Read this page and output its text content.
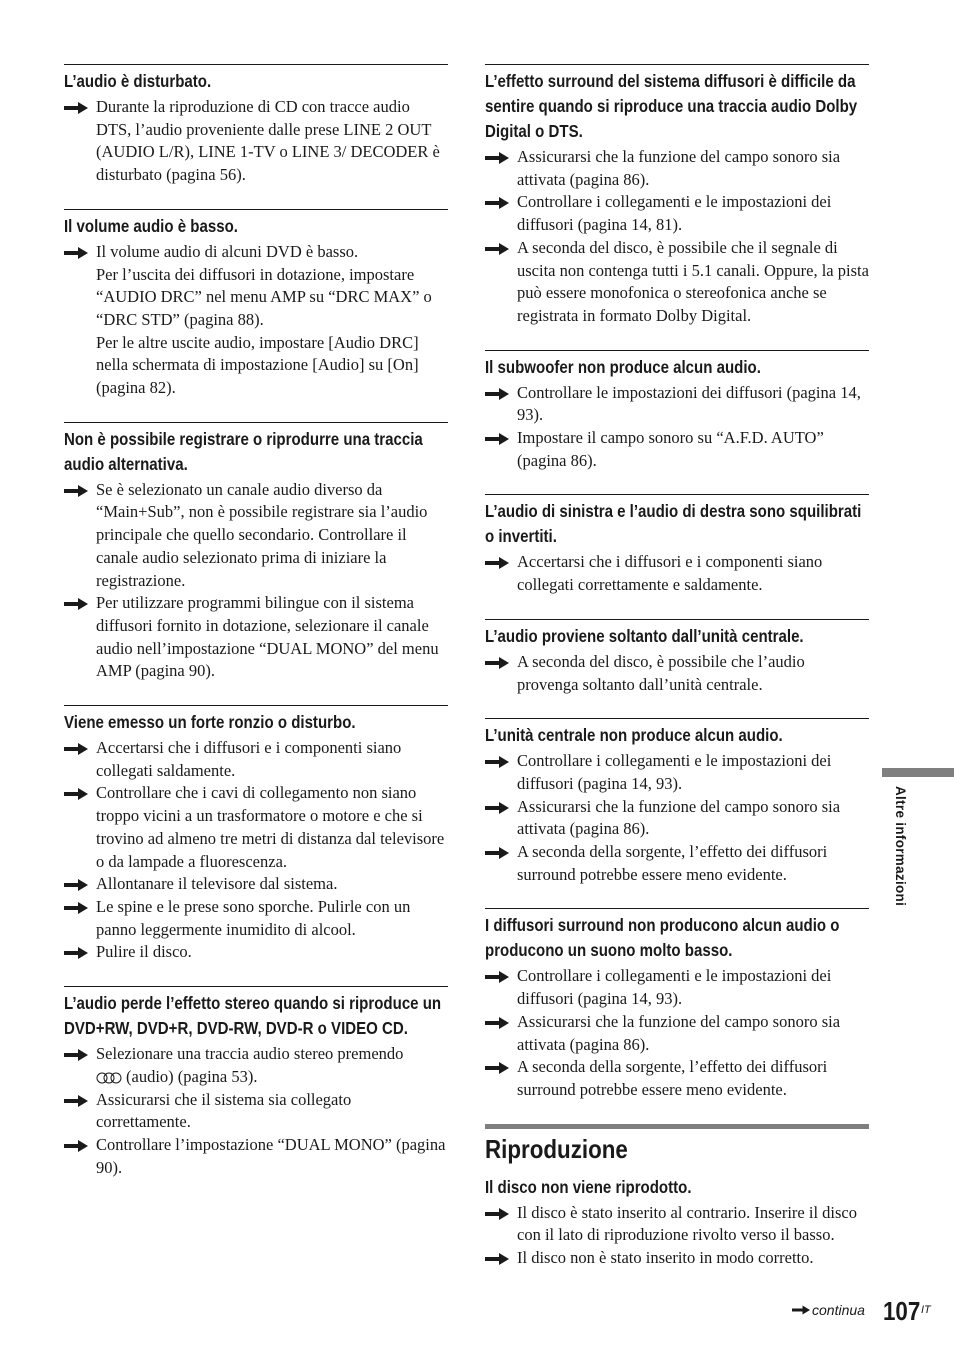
L’audio è disturbato.

Durante la riproduzione di CD con tracce audio DTS, l’audio proveniente dalle prese LINE 2 OUT (AUDIO L/R), LINE 1-TV o LINE 3/ DECODER è disturbato (pagina 56).

Il volume audio è basso.

Il volume audio di alcuni DVD è basso.
Per l’uscita dei diffusori in dotazione, impostare “AUDIO DRC” nel menu AMP su “DRC MAX” o “DRC STD” (pagina 88).
Per le altre uscite audio, impostare [Audio DRC] nella schermata di impostazione [Audio] su [On] (pagina 82).

Non è possibile registrare o riprodurre una traccia audio alternativa.

Se è selezionato un canale audio diverso da “Main+Sub”, non è possibile registrare sia l’audio principale che quello secondario. Controllare il canale audio selezionato prima di iniziare la registrazione.

Per utilizzare programmi bilingue con il sistema diffusori fornito in dotazione, selezionare il canale audio nell’impostazione “DUAL MONO” del menu AMP (pagina 90).

Viene emesso un forte ronzio o disturbo.

Accertarsi che i diffusori e i componenti siano collegati saldamente.

Controllare che i cavi di collegamento non siano troppo vicini a un trasformatore o motore e che si trovino ad almeno tre metri di distanza dal televisore o da lampade a fluorescenza.

Allontanare il televisore dal sistema.

Le spine e le prese sono sporche. Pulirle con un panno leggermente inumidito di alcool.

Pulire il disco.

L’audio perde l’effetto stereo quando si riproduce un DVD+RW, DVD+R, DVD-RW, DVD-R o VIDEO CD.

Selezionare una traccia audio stereo premendo
(audio) (pagina 53).

Assicurarsi che il sistema sia collegato correttamente.

Controllare l’impostazione “DUAL MONO” (pagina 90).

L’effetto surround del sistema diffusori è difficile da sentire quando si riproduce una traccia audio Dolby Digital o DTS.

Assicurarsi che la funzione del campo sonoro sia attivata (pagina 86).

Controllare i collegamenti e le impostazioni dei diffusori (pagina 14, 81).

A seconda del disco, è possibile che il segnale di uscita non contenga tutti i 5.1 canali. Oppure, la pista può essere monofonica o stereofonica anche se registrata in formato Dolby Digital.

Il subwoofer non produce alcun audio.

Controllare le impostazioni dei diffusori (pagina 14, 93).

Impostare il campo sonoro su “A.F.D. AUTO” (pagina 86).

L’audio di sinistra e l’audio di destra sono squilibrati o invertiti.

Accertarsi che i diffusori e i componenti siano collegati correttamente e saldamente.

L’audio proviene soltanto dall’unità centrale.

A seconda del disco, è possibile che l’audio provenga soltanto dall’unità centrale.

L’unità centrale non produce alcun audio.

Controllare i collegamenti e le impostazioni dei diffusori (pagina 14, 93).

Assicurarsi che la funzione del campo sonoro sia attivata (pagina 86).

A seconda della sorgente, l’effetto dei diffusori surround potrebbe essere meno evidente.

I diffusori surround non producono alcun audio o producono un suono molto basso.

Controllare i collegamenti e le impostazioni dei diffusori (pagina 14, 93).

Assicurarsi che la funzione del campo sonoro sia attivata (pagina 86).

A seconda della sorgente, l’effetto dei diffusori surround potrebbe essere meno evidente.

Riproduzione
Il disco non viene riprodotto.

Il disco è stato inserito al contrario. Inserire il disco con il lato di riproduzione rivolto verso il basso.

Il disco non è stato inserito in modo corretto.

Altre informazioni
continua 107 IT
